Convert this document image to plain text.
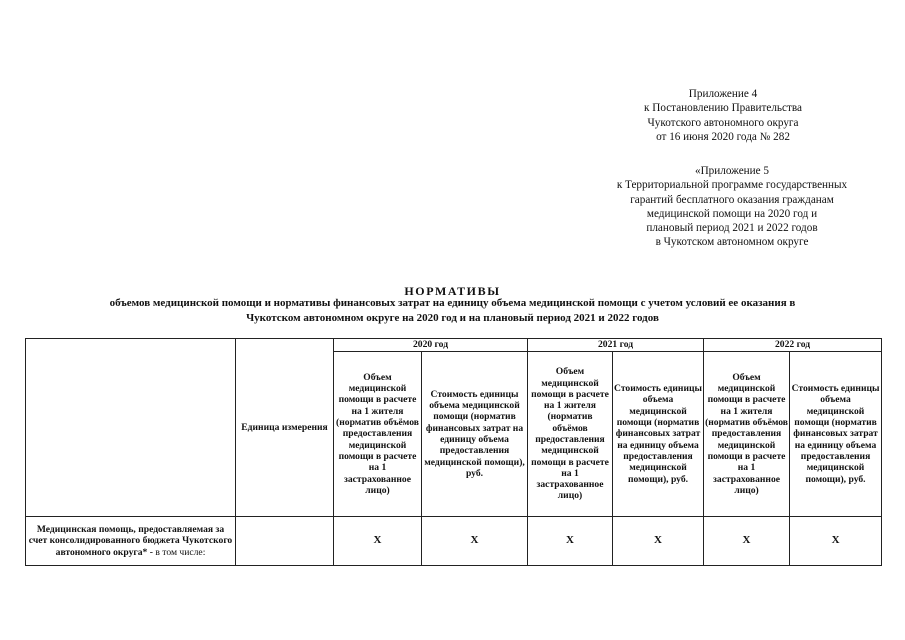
Приложение 4
к Постановлению Правительства
Чукотского автономного округа
от 16 июня 2020 года № 282
«Приложение 5
к Территориальной программе государственных
гарантий бесплатного оказания гражданам
медицинской помощи на 2020 год и
плановый период 2021 и 2022 годов
в Чукотском автономном округе
НОРМАТИВЫ
объемов медицинской помощи и нормативы финансовых затрат на единицу объема медицинской помощи с учетом условий ее оказания в
Чукотском автономном округе на 2020 год и на плановый период 2021 и 2022 годов
	Единица измерения	2020 год		2021 год		2022 год	
		Объем медицинской помощи в расчете на 1 жителя (норматив объёмов предоставления медицинской помощи в расчете на 1 застрахованное лицо)	Стоимость единицы объема медицинской помощи (норматив финансовых затрат на единицу объема предоставления медицинской помощи), руб.	Объем медицинской помощи в расчете на 1 жителя (норматив объёмов предоставления медицинской помощи в расчете на 1 застрахованное лицо)	Стоимость единицы объема медицинской помощи (норматив финансовых затрат на единицу объема предоставления медицинской помощи), руб.	Объем медицинской помощи в расчете на 1 жителя (норматив объёмов предоставления медицинской помощи в расчете на 1 застрахованное лицо)	Стоимость единицы объема медицинской помощи (норматив финансовых затрат на единицу объема предоставления медицинской помощи), руб.
Медицинская помощь, предоставляемая за счет консолидированного бюджета Чукотского автономного округа* - в том числе:		Х	Х	Х	Х	Х	Х
